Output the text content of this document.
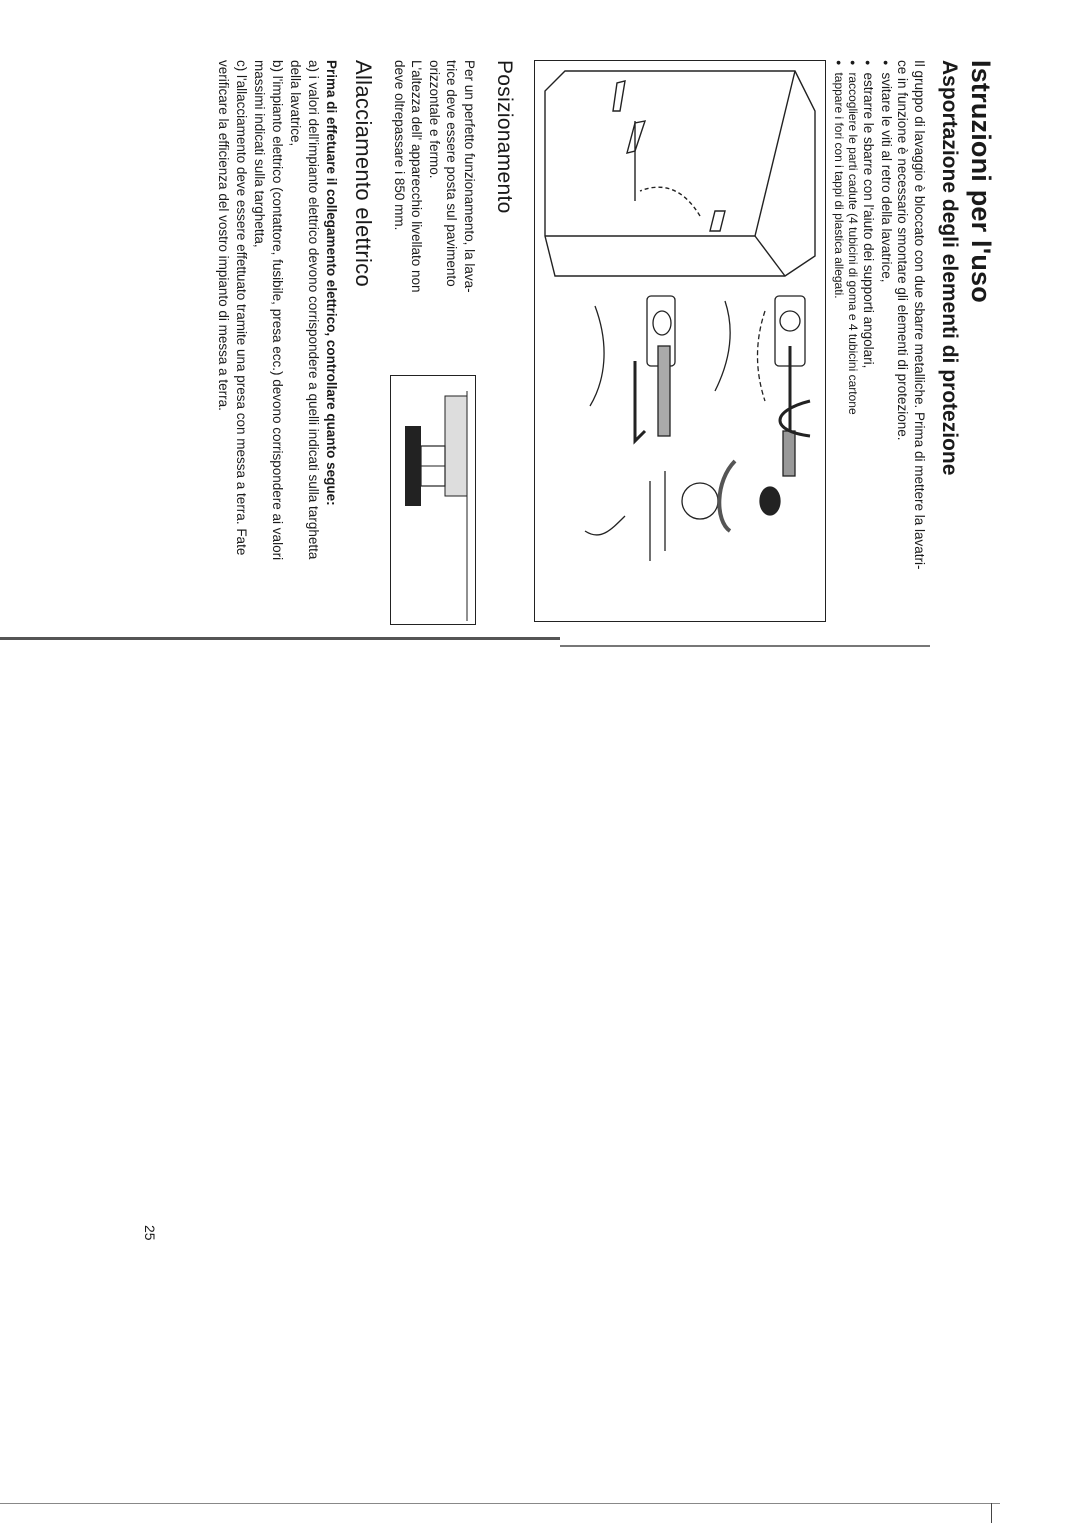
Istruzioni per l'uso
Asportazione degli elementi di protezione

Il gruppo di lavaggio è bloccato con due sbarre metalliche. Prima di mettere la lavatri-

ce in funzione è necessario smontare gli elementi di protezione.

● svitare le viti al retro della lavatrice,
● estrarre le sbarre con l'aiuto dei supporti angolari,
● raccogliere le parti cadute (4 tubicini di goma e 4 tubicini cartone
● tappare i fori con i tappi di plastica allegati.
Posizionamento

Per un perfetto funzionamento, la lava-

trice deve essere posta sul pavimento

orizzontale e fermo.

L'altezza dell' apparecchio livellato non

deve oltrepassare i 850 mm.

Allacciamento elettrico

Prima di effetuare il collegamento elettrico, controllare quanto segue:

a) i valori dell'impianto elettrico devono corrispondere a quelli indicati sulla targhetta

della lavatrice,

b) l'impianto elettrico (contattore, fusibile, presa ecc.) devono corrispondere ai valori

massimi indicati sulla targhetta,

c) l'allacciamento deve essere effettuato tramite una presa con messa a terra. Fate

verificare la efficienza del vostro impianto di messa a terra.

25
